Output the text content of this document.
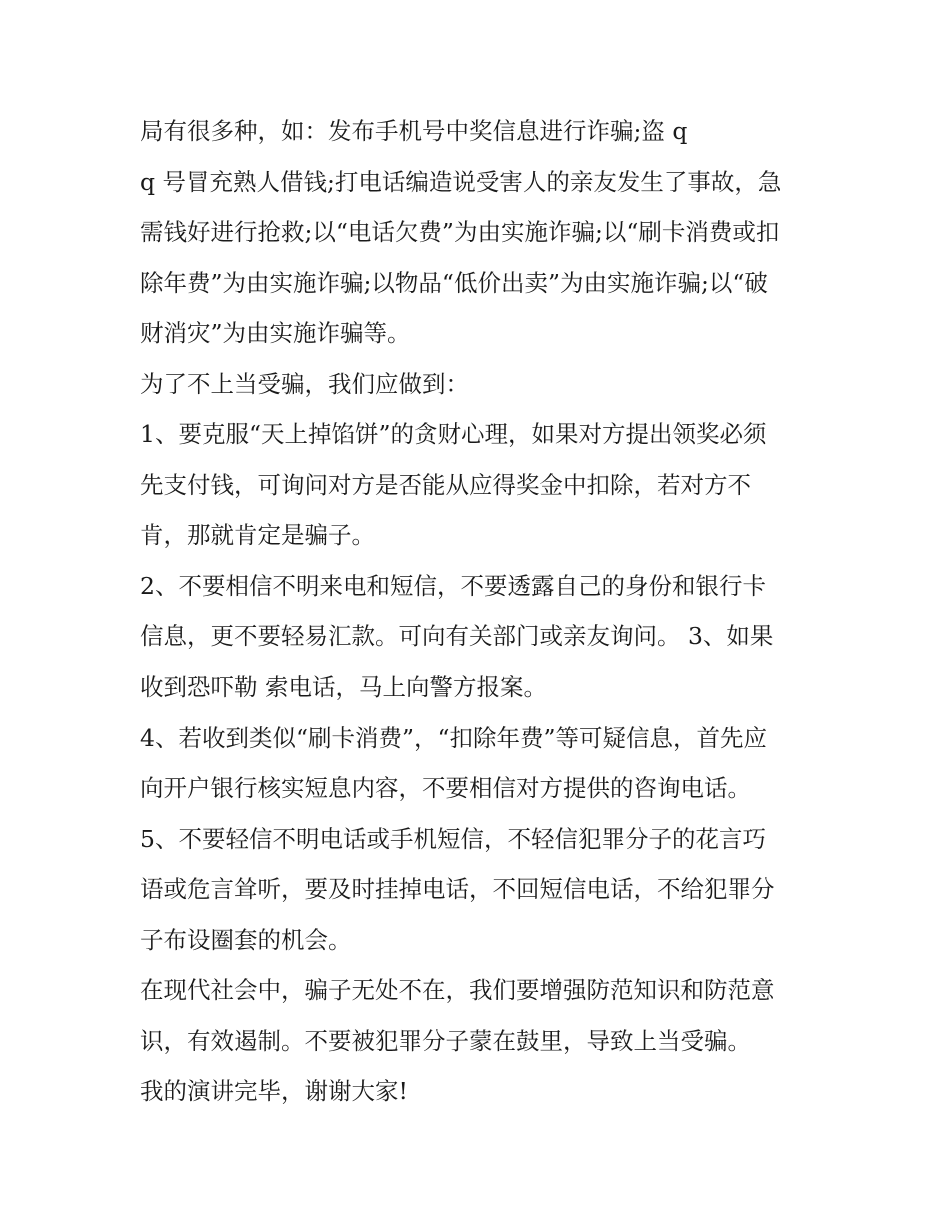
局有很多种，如：发布手机号中奖信息进行诈骗;盗 q
q 号冒充熟人借钱;打电话编造说受害人的亲友发生了事故，急
需钱好进行抢救;以“电话欠费”为由实施诈骗;以“刷卡消费或扣
除年费”为由实施诈骗;以物品“低价出卖”为由实施诈骗;以“破
财消灾”为由实施诈骗等。
为了不上当受骗，我们应做到：
1、要克服“天上掉馅饼”的贪财心理，如果对方提出领奖必须
先支付钱，可询问对方是否能从应得奖金中扣除，若对方不
肯，那就肯定是骗子。
2、不要相信不明来电和短信，不要透露自己的身份和银行卡
信息，更不要轻易汇款。可向有关部门或亲友询问。 3、如果
收到恐吓勒 索电话，马上向警方报案。
4、若收到类似“刷卡消费”，“扣除年费”等可疑信息，首先应
向开户银行核实短息内容，不要相信对方提供的咨询电话。
5、不要轻信不明电话或手机短信，不轻信犯罪分子的花言巧
语或危言耸听，要及时挂掉电话，不回短信电话，不给犯罪分
子布设圈套的机会。
在现代社会中，骗子无处不在，我们要增强防范知识和防范意
识，有效遏制。不要被犯罪分子蒙在鼓里，导致上当受骗。
我的演讲完毕，谢谢大家!
